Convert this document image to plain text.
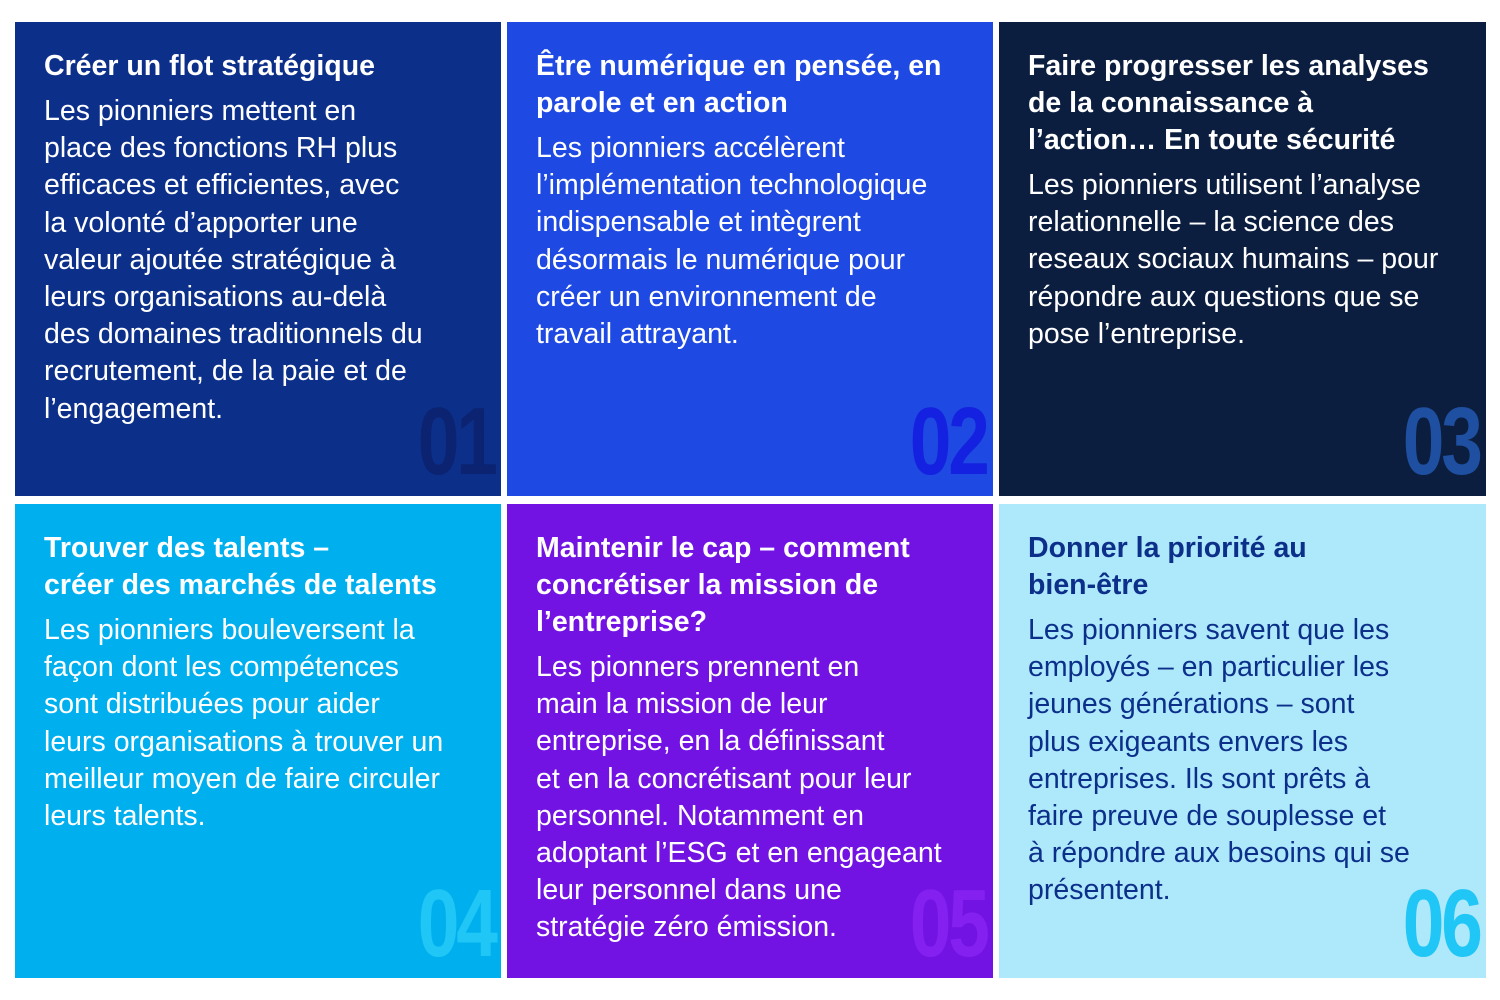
Créer un flot stratégique
Les pionniers mettent en
place des fonctions RH plus
efficaces et efficientes, avec
la volonté d’apporter une
valeur ajoutée stratégique à
leurs organisations au-delà
des domaines traditionnels du
recrutement, de la paie et de
l’engagement.	01
Être numérique en pensée, en
parole et en action
Les pionniers accélèrent
l’implémentation technologique
indispensable et intègrent
désormais le numérique pour
créer un environnement de
travail attrayant.
02
Faire progresser les analyses
de la connaissance à
l’action… En toute sécurité
Les pionniers utilisent l’analyse
relationnelle – la science des
reseaux sociaux humains – pour
répondre aux questions que se
pose l’entreprise.
03
Trouver des talents –
créer des marchés de talents
Les pionniers bouleversent la
façon dont les compétences
sont distribuées pour aider
leurs organisations à trouver un
meilleur moyen de faire circuler
leurs talents.
04
Maintenir le cap – comment
concrétiser la mission de
l’entreprise?
Les pionners prennent en
main la mission de leur
entreprise, en la définissant
et en la concrétisant pour leur
personnel. Notamment en
adoptant l’ESG et en engageant
leur personnel dans une
stratégie zéro émission. 05
Donner la priorité au
bien-être
Les pionniers savent que les
employés – en particulier les
jeunes générations – sont
plus exigeants envers les
entreprises. Ils sont prêts à
faire preuve de souplesse et
à répondre aux besoins qui se
présentent.	06
